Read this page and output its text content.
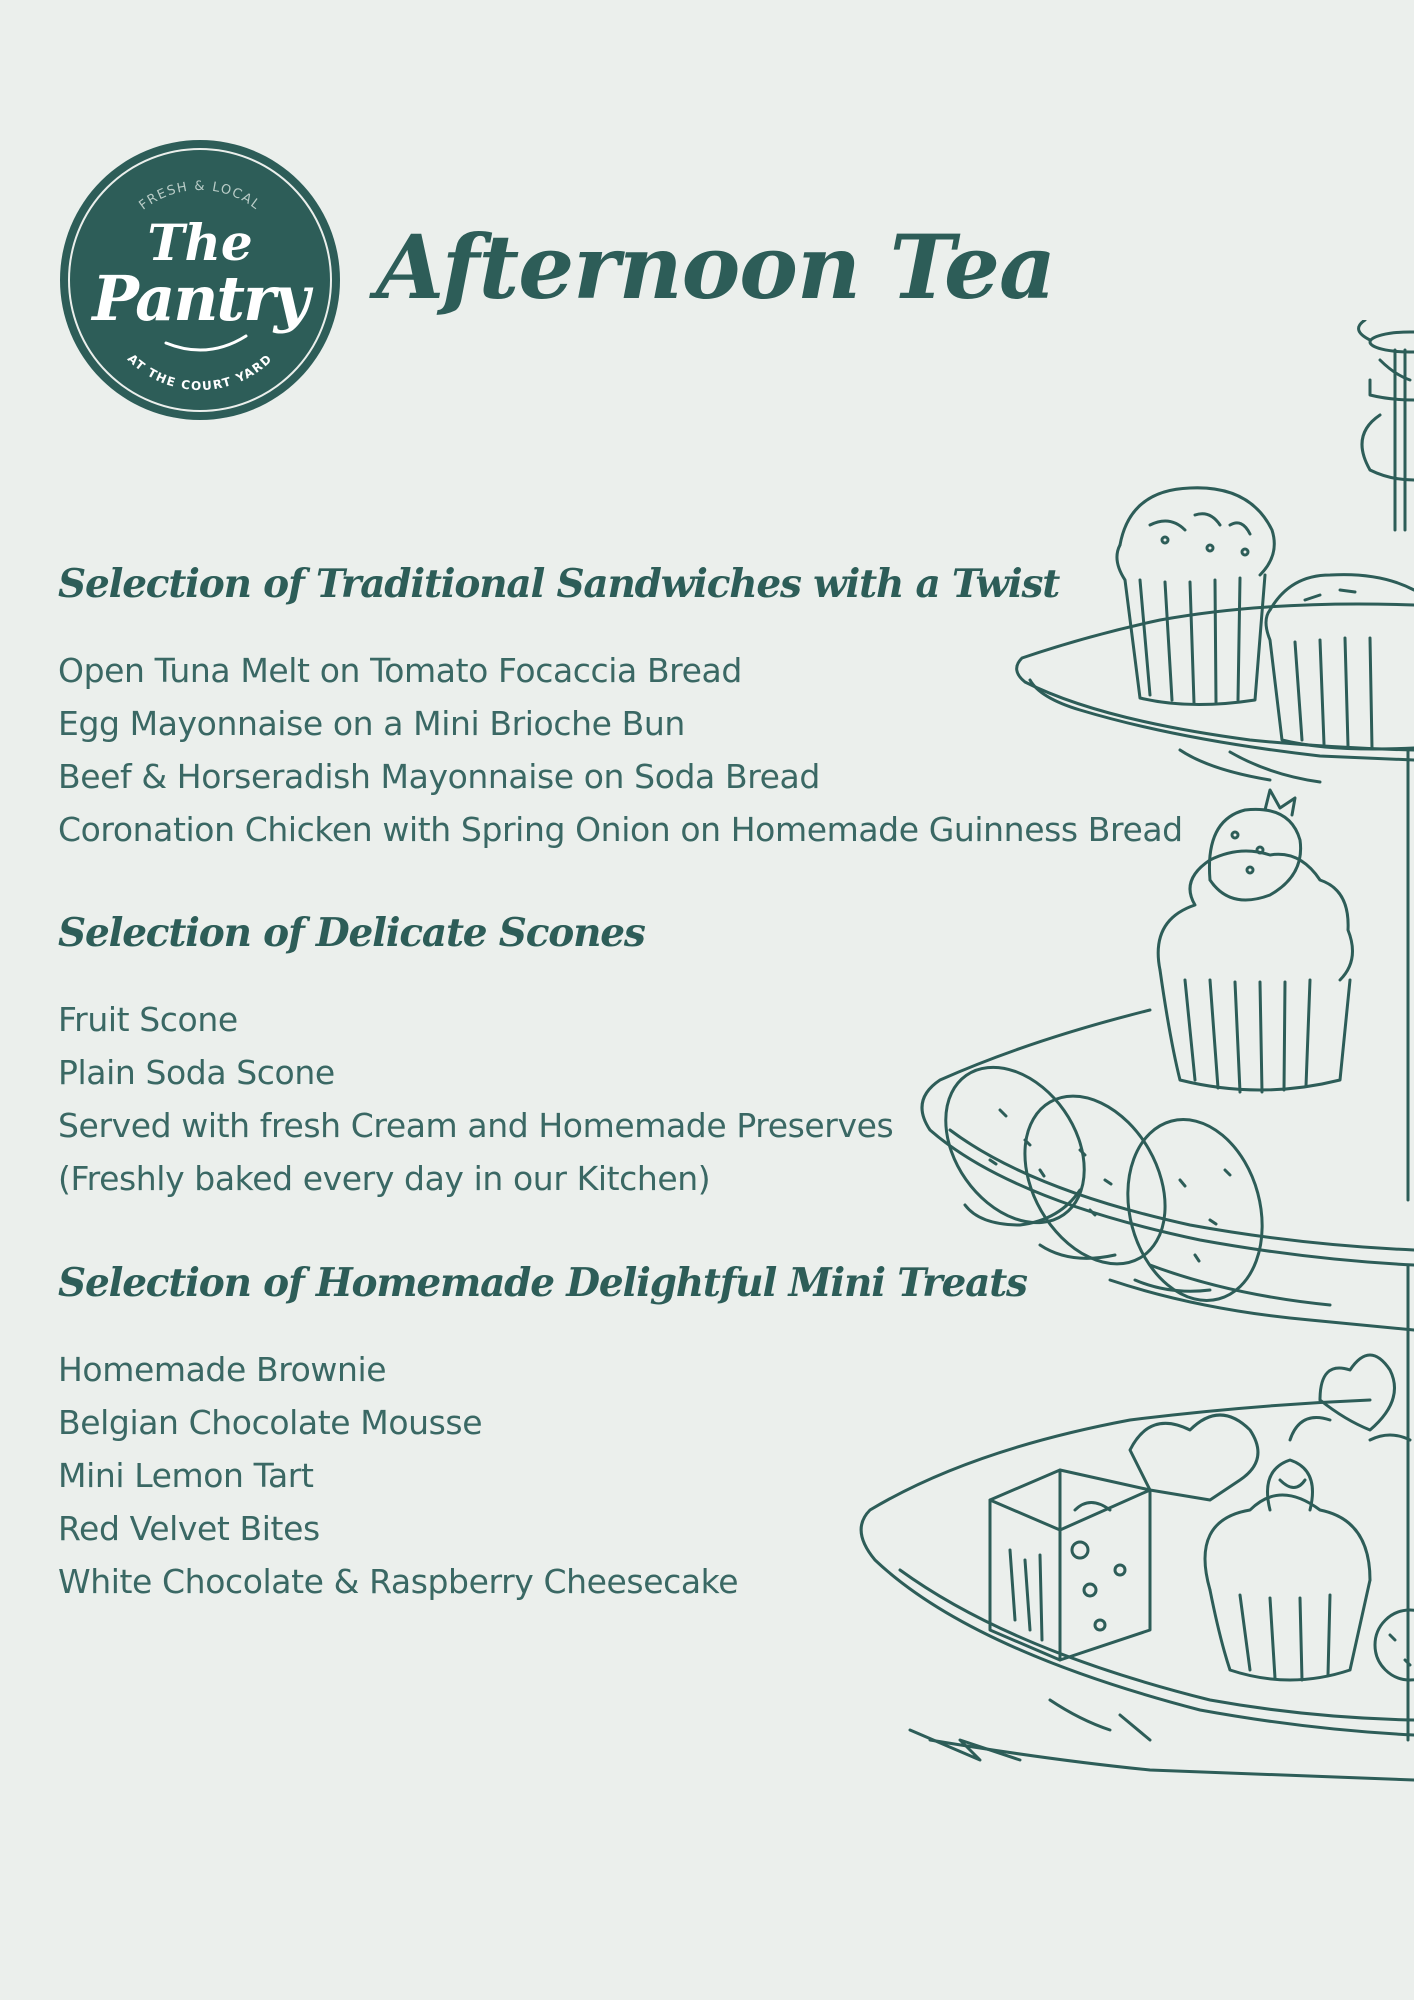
FRESH & LOCAL
The
Pantry
AT THE COURT YARD
Afternoon Tea
Selection of Traditional Sandwiches with a Twist
Open Tuna Melt on Tomato Focaccia Bread
Egg Mayonnaise on a Mini Brioche Bun
Beef & Horseradish Mayonnaise on Soda Bread
Coronation Chicken with Spring Onion on Homemade Guinness Bread
Selection of Delicate Scones
Fruit Scone
Plain Soda Scone
Served with fresh Cream and Homemade Preserves
(Freshly baked every day in our Kitchen)
Selection of Homemade Delightful Mini Treats
Homemade Brownie
Belgian Chocolate Mousse
Mini Lemon Tart
Red Velvet Bites
White Chocolate & Raspberry Cheesecake
